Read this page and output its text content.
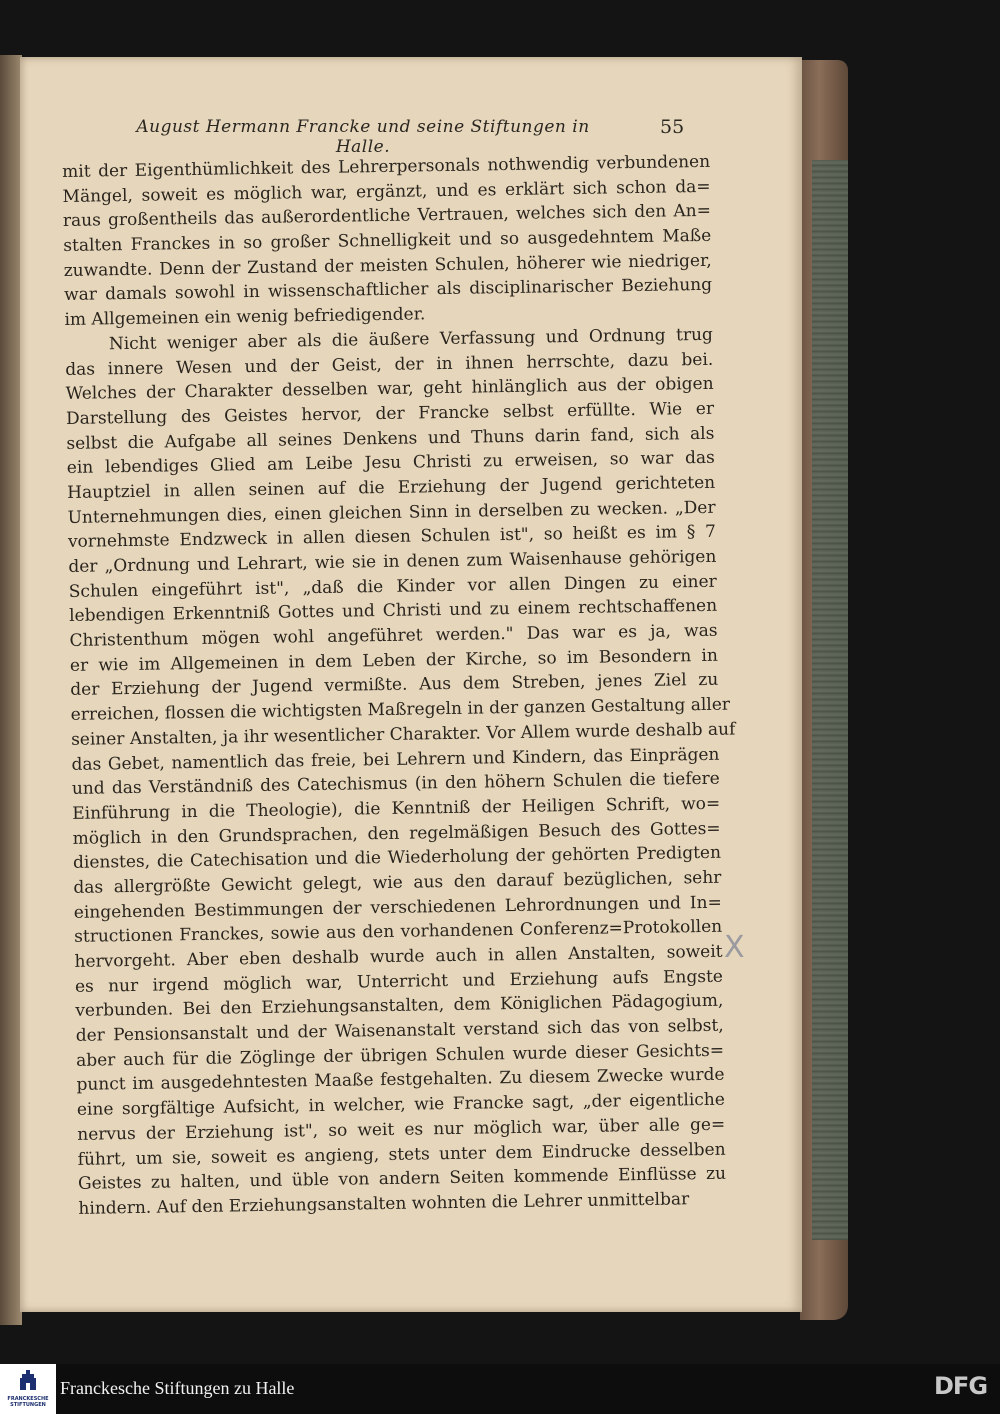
August Hermann Francke und seine Stiftungen in Halle.
55
mit der Eigenthümlichkeit des Lehrerpersonals nothwendig verbundenen
Mängel, soweit es möglich war, ergänzt, und es erklärt sich schon da=
raus großentheils das außerordentliche Vertrauen, welches sich den An=
stalten Franckes in so großer Schnelligkeit und so ausgedehntem Maße
zuwandte. Denn der Zustand der meisten Schulen, höherer wie niedriger,
war damals sowohl in wissenschaftlicher als disciplinarischer Beziehung
im Allgemeinen ein wenig befriedigender.
Nicht weniger aber als die äußere Verfassung und Ordnung trug
das innere Wesen und der Geist, der in ihnen herrschte, dazu bei.
Welches der Charakter desselben war, geht hinlänglich aus der obigen
Darstellung des Geistes hervor, der Francke selbst erfüllte. Wie er
selbst die Aufgabe all seines Denkens und Thuns darin fand, sich als
ein lebendiges Glied am Leibe Jesu Christi zu erweisen, so war das
Hauptziel in allen seinen auf die Erziehung der Jugend gerichteten
Unternehmungen dies, einen gleichen Sinn in derselben zu wecken. „Der
vornehmste Endzweck in allen diesen Schulen ist", so heißt es im § 7
der „Ordnung und Lehrart, wie sie in denen zum Waisenhause gehörigen
Schulen eingeführt ist", „daß die Kinder vor allen Dingen zu einer
lebendigen Erkenntniß Gottes und Christi und zu einem rechtschaffenen
Christenthum mögen wohl angeführet werden." Das war es ja, was
er wie im Allgemeinen in dem Leben der Kirche, so im Besondern in
der Erziehung der Jugend vermißte. Aus dem Streben, jenes Ziel zu
erreichen, flossen die wichtigsten Maßregeln in der ganzen Gestaltung aller
seiner Anstalten, ja ihr wesentlicher Charakter. Vor Allem wurde deshalb auf
das Gebet, namentlich das freie, bei Lehrern und Kindern, das Einprägen
und das Verständniß des Catechismus (in den höhern Schulen die tiefere
Einführung in die Theologie), die Kenntniß der Heiligen Schrift, wo=
möglich in den Grundsprachen, den regelmäßigen Besuch des Gottes=
dienstes, die Catechisation und die Wiederholung der gehörten Predigten
das allergrößte Gewicht gelegt, wie aus den darauf bezüglichen, sehr
eingehenden Bestimmungen der verschiedenen Lehrordnungen und In=
structionen Franckes, sowie aus den vorhandenen Conferenz=Protokollen
hervorgeht. Aber eben deshalb wurde auch in allen Anstalten, soweit
es nur irgend möglich war, Unterricht und Erziehung aufs Engste
verbunden. Bei den Erziehungsanstalten, dem Königlichen Pädagogium,
der Pensionsanstalt und der Waisenanstalt verstand sich das von selbst,
aber auch für die Zöglinge der übrigen Schulen wurde dieser Gesichts=
punct im ausgedehntesten Maaße festgehalten. Zu diesem Zwecke wurde
eine sorgfältige Aufsicht, in welcher, wie Francke sagt, „der eigentliche
nervus der Erziehung ist", so weit es nur möglich war, über alle ge=
führt, um sie, soweit es angieng, stets unter dem Eindrucke desselben
Geistes zu halten, und üble von andern Seiten kommende Einflüsse zu
hindern. Auf den Erziehungsanstalten wohnten die Lehrer unmittelbar
X
FRANCKESCHE STIFTUNGEN
Franckesche Stiftungen zu Halle	DFG
